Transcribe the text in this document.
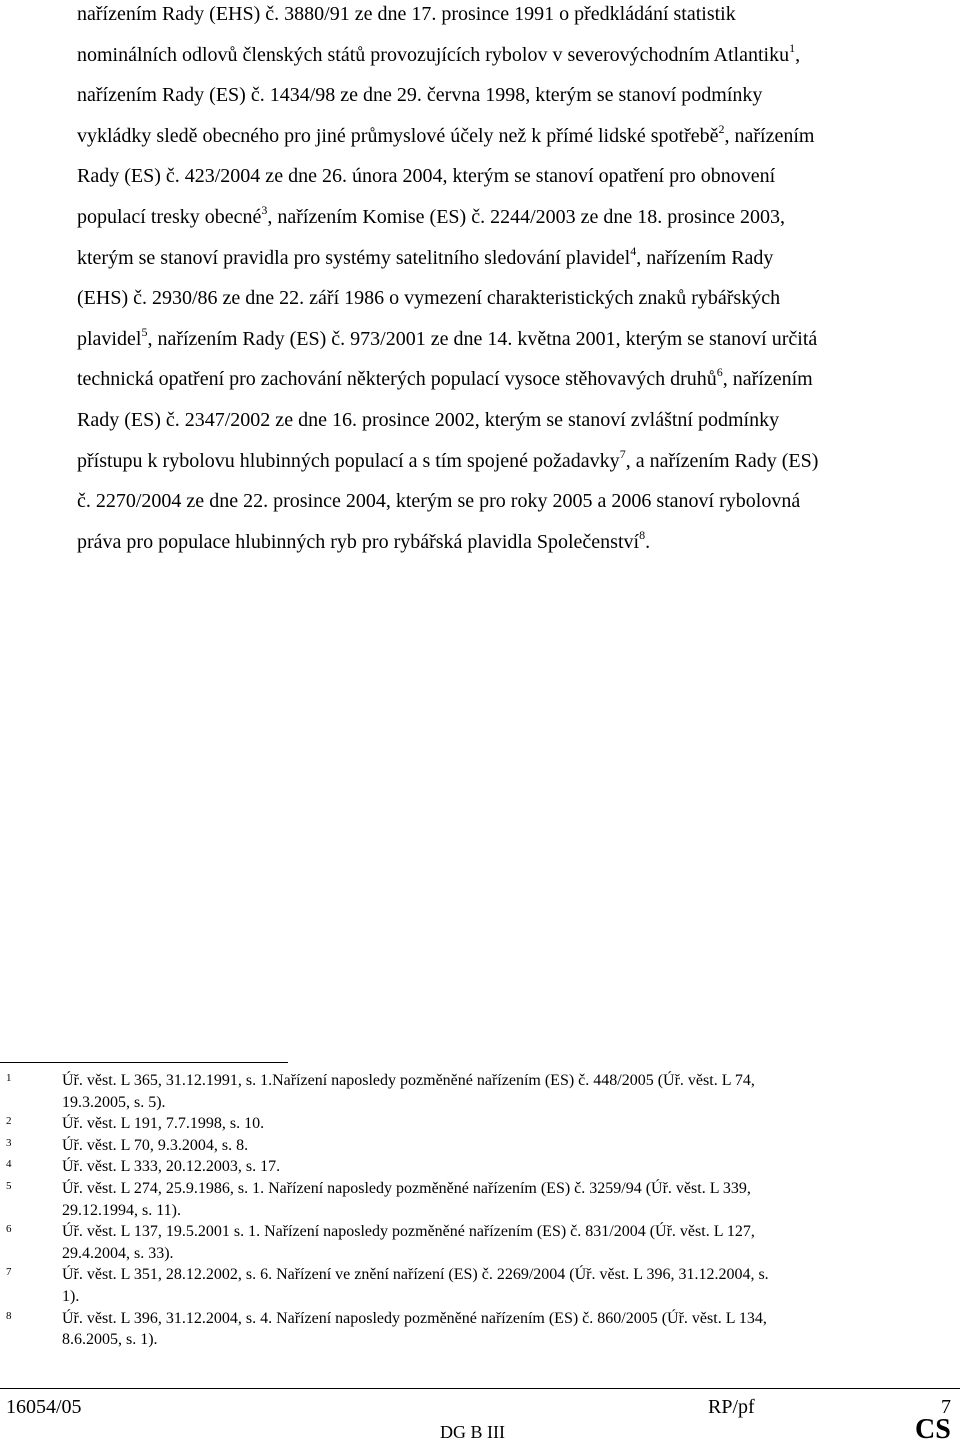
nařízením Rady (EHS) č. 3880/91 ze dne 17. prosince 1991 o předkládání statistik
nominálních odlovů členských států provozujících rybolov v severovýchodním Atlantiku$^1$,
nařízením Rady (ES) č. 1434/98 ze dne 29. června 1998, kterým se stanoví podmínky
vykládky sledě obecného pro jiné průmyslové účely než k přímé lidské spotřebě$^2$, nařízením
Rady (ES) č. 423/2004 ze dne 26. února 2004, kterým se stanoví opatření pro obnovení
populací tresky obecné$^3$, nařízením Komise (ES) č. 2244/2003 ze dne 18. prosince 2003,
kterým se stanoví pravidla pro systémy satelitního sledování plavidel$^4$, nařízením Rady
(EHS) č. 2930/86 ze dne 22. září 1986 o vymezení charakteristických znaků rybářských
plavidel$^5$, nařízením Rady (ES) č. 973/2001 ze dne 14. května 2001, kterým se stanoví určitá
technická opatření pro zachování některých populací vysoce stěhovavých druhů$^6$, nařízením
Rady (ES) č. 2347/2002 ze dne 16. prosince 2002, kterým se stanoví zvláštní podmínky
přístupu k rybolovu hlubinných populací a s tím spojené požadavky$^7$, a nařízením Rady (ES)
č. 2270/2004 ze dne 22. prosince 2004, kterým se pro roky 2005 a 2006 stanoví rybolovná
práva pro populace hlubinných ryb pro rybářská plavidla Společenství$^8$.
1	Úř. věst. L 365, 31.12.1991, s. 1.Nařízení naposledy pozměněné nařízením (ES) č. 448/2005 (Úř. věst. L 74,
19.3.2005, s. 5).
2	Úř. věst. L 191, 7.7.1998, s. 10.
3	Úř. věst. L 70, 9.3.2004, s. 8.
4	Úř. věst. L 333, 20.12.2003, s. 17.
5	Úř. věst. L 274, 25.9.1986, s. 1. Nařízení naposledy pozměněné nařízením (ES) č. 3259/94 (Úř. věst. L 339,
29.12.1994, s. 11).
6	Úř. věst. L 137, 19.5.2001 s. 1. Nařízení naposledy pozměněné nařízením (ES) č. 831/2004 (Úř. věst. L 127,
29.4.2004, s. 33).
7	Úř. věst. L 351, 28.12.2002, s. 6. Nařízení ve znění nařízení (ES) č. 2269/2004 (Úř. věst. L 396, 31.12.2004, s.
1).
8	Úř. věst. L 396, 31.12.2004, s. 4. Nařízení naposledy pozměněné nařízením (ES) č. 860/2005 (Úř. věst. L 134,
8.6.2005, s. 1).
16054/05	RP/pf	7
DG B III	CS
